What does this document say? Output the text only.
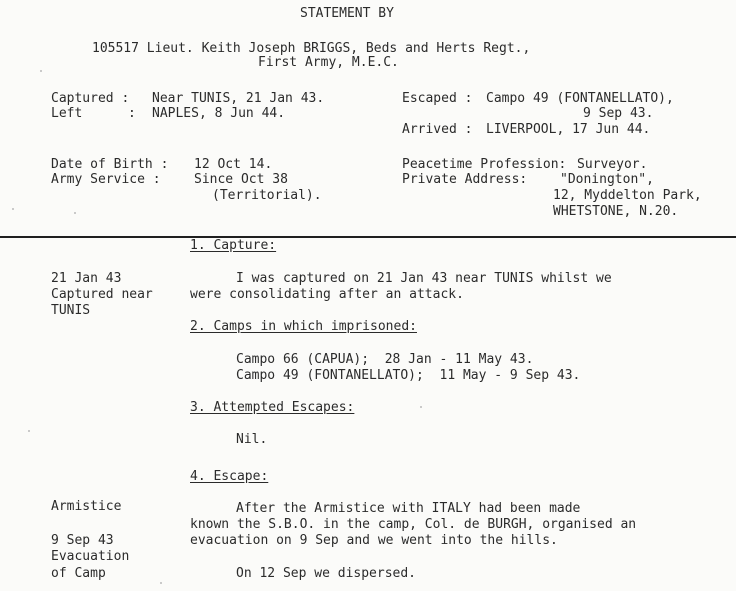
STATEMENT BY
105517 Lieut. Keith Joseph BRIGGS, Beds and Herts Regt.,
First Army, M.E.C.
Captured : Near TUNIS, 21 Jan 43.
Left	: NAPLES, 8 Jun 44.
Date of Birth : 12 Oct 14.
Army Service :	Since Oct 38
(Territorial).
Escaped : Campo 49 (FONTANELLATO),
9 Sep 43.
Arrived : LIVERPOOL, 17 Jun 44.
Peacetime Profession: Surveyor.
Private Address:	"Donington",
12, Myddelton Park,
WHETSTONE, N.20.
1. Capture:
21 Jan 43
Captured near
TUNIS
I was captured on 21 Jan 43 near TUNIS whilst we
were consolidating after an attack.
2. Camps in which imprisoned:
Campo 66 (CAPUA);  28 Jan - 11 May 43.
Campo 49 (FONTANELLATO);  11 May - 9 Sep 43.
3. Attempted Escapes:
Nil.
4. Escape:
Armistice
9 Sep 43
Evacuation
of Camp
After the Armistice with ITALY had been made
known the S.B.O. in the camp, Col. de BURGH, organised an
evacuation on 9 Sep and we went into the hills.
On 12 Sep we dispersed.
